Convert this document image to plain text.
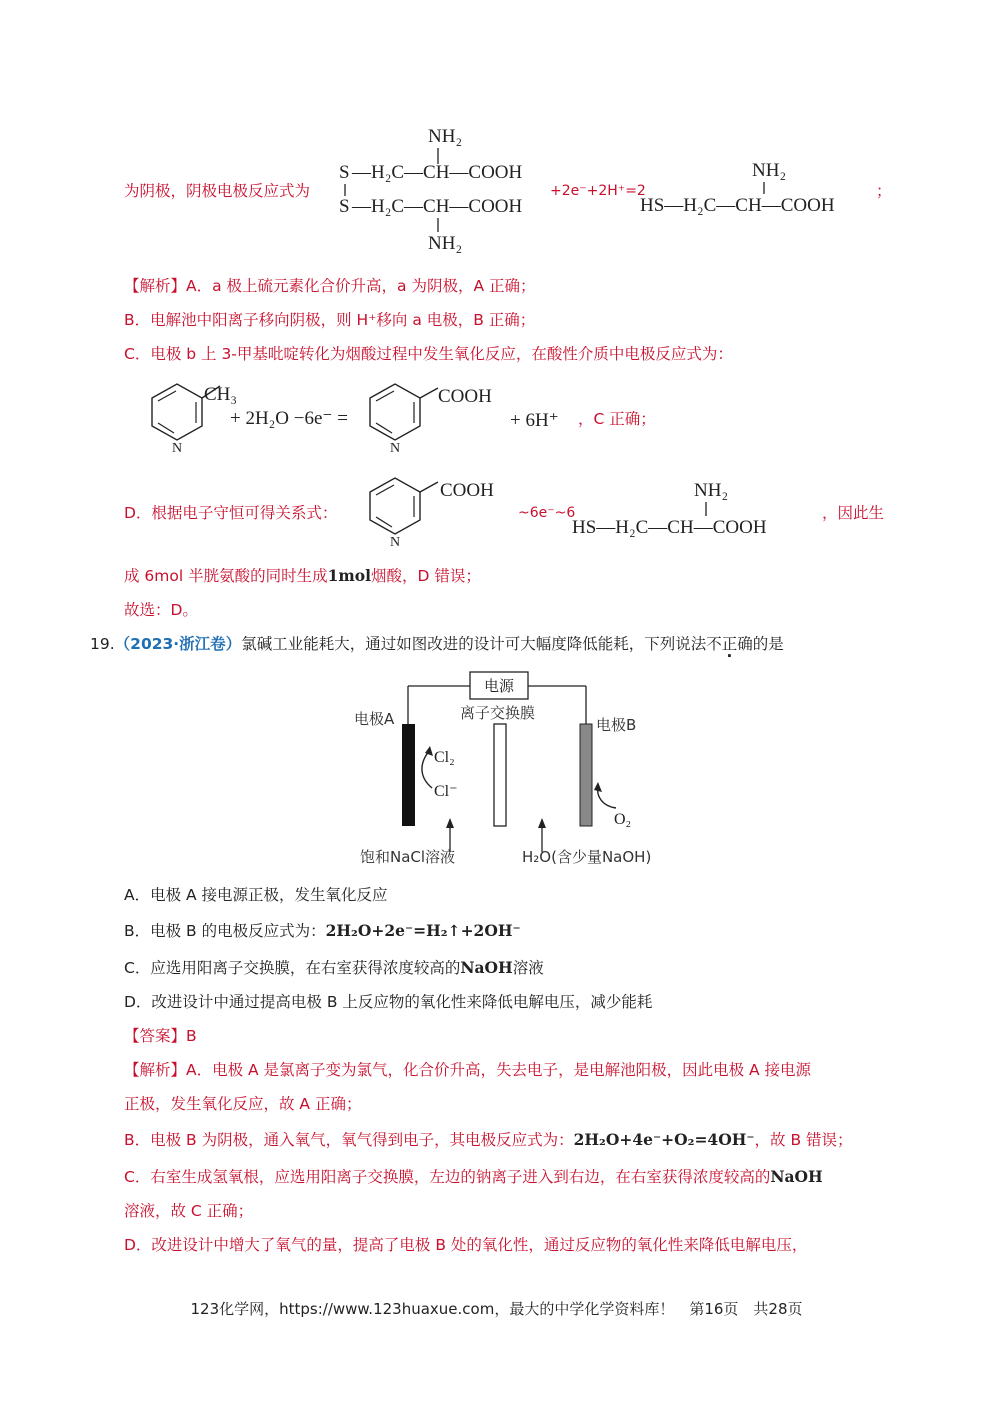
为阴极，阴极电极反应式为
NH₂
S —H₂C—CH—COOH
S —H₂C—CH—COOH
NH₂
+2e⁻+2H⁺=2
NH₂
HS—H₂C—CH—COOH
；
【解析】A．a 极上硫元素化合价升高，a 为阴极，A 正确；
B．电解池中阳离子移向阴极，则 H⁺移向 a 电极，B 正确；
C．电极 b 上 3-甲基吡啶转化为烟酸过程中发生氧化反应，在酸性介质中电极反应式为：
CH₃
N
+ 2H₂O −6e⁻ =
COOH
N
+ 6H⁺ ，C 正确；
D．根据电子守恒可得关系式：
COOH
N
~6e⁻~6
NH₂
HS—H₂C—CH—COOH
，因此生
成 6mol 半胱氨酸的同时生成1mol烟酸，D 错误；
故选：D。
19.（2023·浙江卷）氯碱工业能耗大，通过如图改进的设计可大幅度降低能耗，下列说法不正确的是
电源
电极A	离子交换膜
电极B
Cl₂
Cl⁻
O₂
饱和NaCl溶液	H₂O(含少量NaOH)
A．电极 A 接电源正极，发生氧化反应
B．电极 B 的电极反应式为：2H₂O+2e⁻=H₂↑+2OH⁻
C．应选用阳离子交换膜，在右室获得浓度较高的NaOH溶液
D．改进设计中通过提高电极 B 上反应物的氧化性来降低电解电压，减少能耗
【答案】B
【解析】A．电极 A 是氯离子变为氯气，化合价升高，失去电子，是电解池阳极，因此电极 A 接电源
正极，发生氧化反应，故 A 正确；
B．电极 B 为阴极，通入氧气，氧气得到电子，其电极反应式为：2H₂O+4e⁻+O₂=4OH⁻，故 B 错误；
C．右室生成氢氧根，应选用阳离子交换膜，左边的钠离子进入到右边，在右室获得浓度较高的NaOH
溶液，故 C 正确；
D．改进设计中增大了氧气的量，提高了电极 B 处的氧化性，通过反应物的氧化性来降低电解电压，
123化学网，https://www.123huaxue.com，最大的中学化学资料库！　第16页　共28页
